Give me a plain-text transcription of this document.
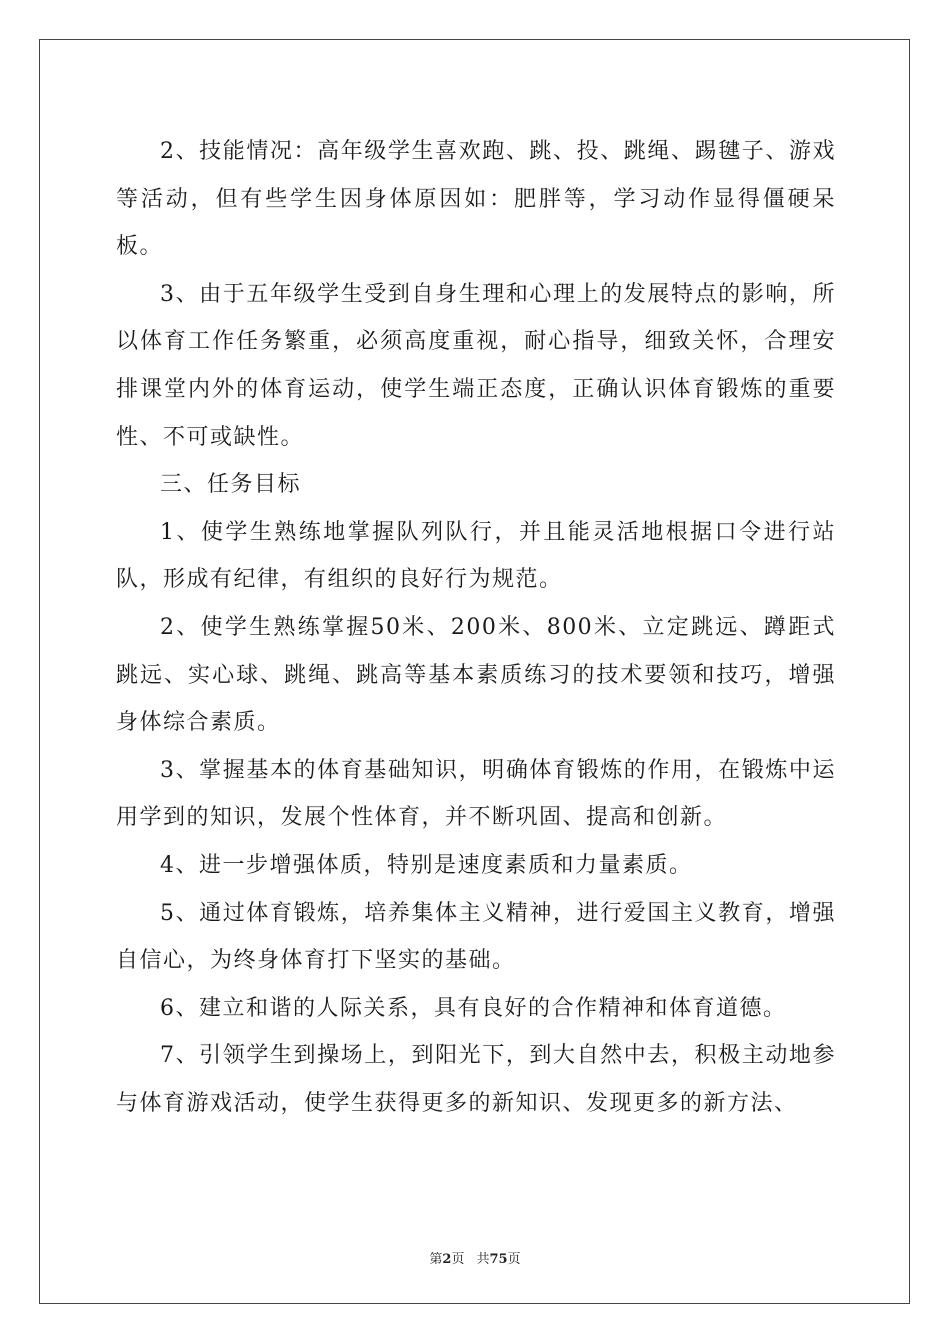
2、技能情况：高年级学生喜欢跑、跳、投、跳绳、踢毽子、游戏等活动，但有些学生因身体原因如：肥胖等，学习动作显得僵硬呆板。

3、由于五年级学生受到自身生理和心理上的发展特点的影响，所以体育工作任务繁重，必须高度重视，耐心指导，细致关怀，合理安排课堂内外的体育运动，使学生端正态度，正确认识体育锻炼的重要性、不可或缺性。

三、任务目标

1、使学生熟练地掌握队列队行，并且能灵活地根据口令进行站队，形成有纪律，有组织的良好行为规范。

2、使学生熟练掌握50米、200米、800米、立定跳远、蹲距式跳远、实心球、跳绳、跳高等基本素质练习的技术要领和技巧，增强身体综合素质。

3、掌握基本的体育基础知识，明确体育锻炼的作用，在锻炼中运用学到的知识，发展个性体育，并不断巩固、提高和创新。

4、进一步增强体质，特别是速度素质和力量素质。

5、通过体育锻炼，培养集体主义精神，进行爱国主义教育，增强自信心，为终身体育打下坚实的基础。

6、建立和谐的人际关系，具有良好的合作精神和体育道德。

7、引领学生到操场上，到阳光下，到大自然中去，积极主动地参与体育游戏活动，使学生获得更多的新知识、发现更多的新方法、

第2页 共75页
